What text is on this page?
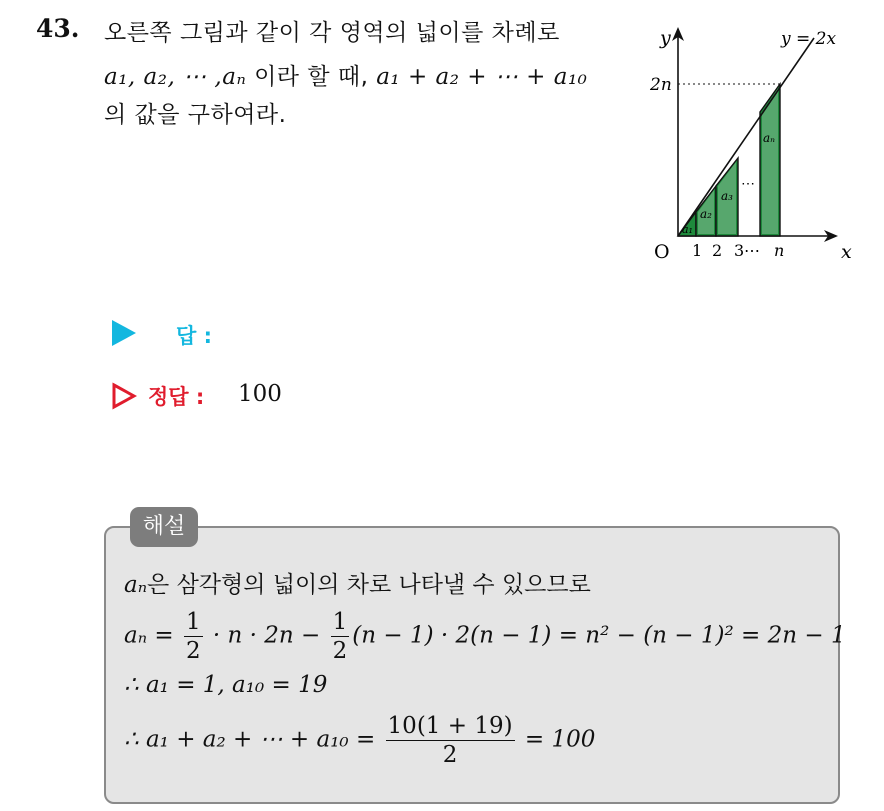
43. 오른쪽 그림과 같이 각 영역의 넓이를 차례로
a₁, a₂, ⋯ ,aₙ 이라 할 때, a₁ + a₂ + ⋯ + a₁₀
의 값을 구하여라.
y
x
O
y = 2x
2n
1 2 3 ⋯ n
a₁
a₂
a₃
⋯
aₙ
답 :
정답 : 100
해설
aₙ은 삼각형의 넓이의 차로 나타낼 수 있으므로
$a_n = \frac{1}{2} \cdot n \cdot 2n - \frac{1}{2} (n - 1) \cdot 2(n - 1) = n^2 - (n - 1)^2 = 2n - 1$
∴ a₁ = 1, a₁₀ = 19
∴ a₁ + a₂ + ⋯ + $a_{10} = \frac{10(1 + 19)}{2} = 100$
